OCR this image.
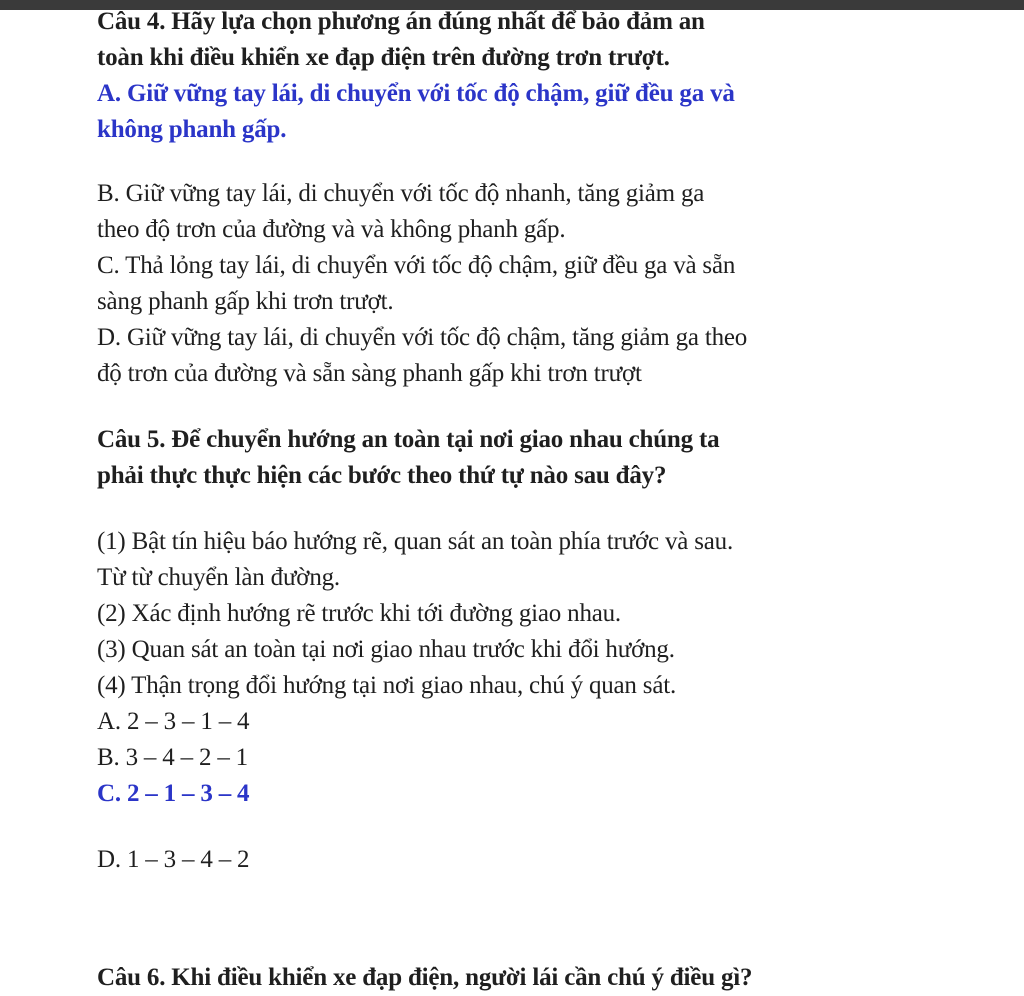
Câu 4. Hãy lựa chọn phương án đúng nhất để bảo đảm an
toàn khi điều khiển xe đạp điện trên đường trơn trượt.
A. Giữ vững tay lái, di chuyển với tốc độ chậm, giữ đều ga và
không phanh gấp.
B. Giữ vững tay lái, di chuyển với tốc độ nhanh, tăng giảm ga
theo độ trơn của đường và và không phanh gấp.
C. Thả lỏng tay lái, di chuyển với tốc độ chậm, giữ đều ga và sẵn
sàng phanh gấp khi trơn trượt.
D. Giữ vững tay lái, di chuyển với tốc độ chậm, tăng giảm ga theo
độ trơn của đường và sẵn sàng phanh gấp khi trơn trượt
Câu 5. Để chuyển hướng an toàn tại nơi giao nhau chúng ta
phải thực thực hiện các bước theo thứ tự nào sau đây?
(1) Bật tín hiệu báo hướng rẽ, quan sát an toàn phía trước và sau.
Từ từ chuyển làn đường.
(2) Xác định hướng rẽ trước khi tới đường giao nhau.
(3) Quan sát an toàn tại nơi giao nhau trước khi đổi hướng.
(4) Thận trọng đổi hướng tại nơi giao nhau, chú ý quan sát.
A. 2 – 3 – 1 – 4
B. 3 – 4 – 2 – 1
C. 2 – 1 – 3 – 4
D. 1 – 3 – 4 – 2
Câu 6. Khi điều khiển xe đạp điện, người lái cần chú ý điều gì?
